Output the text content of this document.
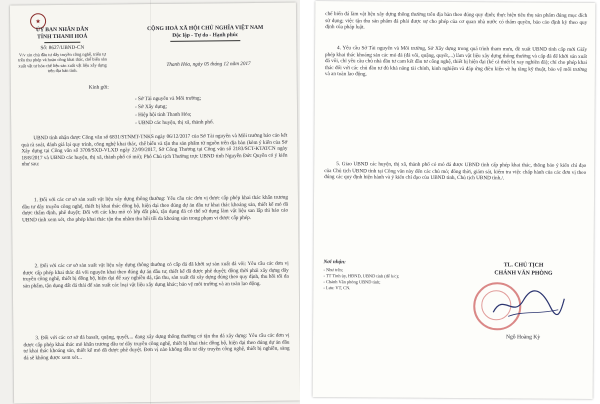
★
ỦY BAN NHÂN DÂN
TỈNH THANH HOÁ
Số: 8627/UBND-CN
V/v xin chủ đầu tư dây truyền công nghệ, triển tự trên thu phép và hoàn cồng khai thác, chế biến sản xuất vật tư hóa chế liệu sản xuất vật liệu xây dựng trên địa bàn tỉnh.
CỘNG HOÀ XÃ HỘI CHỦ NGHĨA VIỆT NAM
Độc lập - Tự do - Hạnh phúc
Thanh Hóa, ngày 05 tháng 12 năm 2017
Kính gửi:
- Sở Tài nguyên và Môi trường;
- Sở Xây dựng;
- Hiệp hội tỉnh Thanh Hóa;
- UBND các huyện, thị xã, thành phố.
UBND tỉnh nhận được Công văn số 6831/STNMT-TNKS ngày 06/12/2017 của Sở Tài nguyên và Môi trường báo cáo kết quả rà soát, đánh giá lại quy trình, công nghệ khai thác, chế biến và tận thu sản phẩm từ nguồn trên địa bàn (kèm ý kiến của Sở Xây dựng tại Công văn số 3709/SXD-VLXD ngày 22/09/2017, Sở Công Thương tại Công văn số 2183/SCT-KTATCN ngày 18/8/2017 và UBND các huyện, thị xã, thành phố có mỏ); Phó Chủ tịch Thường trực UBND tỉnh Nguyễn Đức Quyền có ý kiến như sau:
1. Đối với các cơ sở sản xuất vật liệu xây dựng thông thường: Yêu cầu các đơn vị được cấp phép khai thác khẩn trương đầu tư dây truyền công nghệ, thiết bị khai thác đồng bộ, hiện đại theo đúng dự án đầu tư khai thác khoáng sản, thiết kế mỏ đã được thẩm định, phê duyệt; Đối với các khu mỏ có lớp đất phủ, tận dụng đá có thể sử dụng làm vật liệu san lấp thì báo cáo UBND tỉnh xem xét, cho phép khai thác tận thu nhằm thu hồi tối đa khoáng sản trong phạm vi được cấp phép.
2. Đối với các cơ sở sản xuất vật liệu xây dựng thông thường có cấp đá đã khởi sự sản xuất đá vôi: Yêu cầu các đơn vị được cấp phép khai thác đá vôi nguyên khai theo đúng dự án đầu tư, thiết kế đã được phê duyệt; đồng thời phải xây dựng dây truyền công nghệ, thiết bị đồng bộ, hiện đại để xay nghiền đá, tận thu, sản xuất đá xây dựng đúng theo quy định, thu hồi tối đa sản phẩm, tận dụng đất đá thải để sản xuất các loại vật liệu xây dựng khác; bảo vệ môi trường và an toàn lao động.
3. Đối với các cơ sở đá basalt, quặng, quyết,... đang xây dựng thông thường có tận thu đá xây dựng: Yêu cầu các đơn vị được cấp phép khai thác mỏ khẩn trương đầu tư dây truyền công nghệ, thiết bị khai thác đồng bộ, hiện đại theo đúng dự án đầu tư khai thác khoáng sản, thiết kế mỏ đã được phê duyệt. Đơn vị nào không đầu tư dây truyền công nghệ, thiết bị nghiền, sàng đá sẽ không được xem xét...
chế biến đá làm vật liệu xây dựng thông thường trên địa bàn theo đúng quy định; thực hiện tiêu thụ sản phẩm đúng mục đích sử dụng; việc tận thu sản phẩm đá phải được sự cho phép của cơ quan nhà nước có thẩm quyền, báo cáo định kỳ theo quy định của pháp luật.
4. Yêu cầu Sở Tài nguyên và Môi trường, Sở Xây dựng trong quá trình tham mưu, đề xuất UBND tỉnh cấp mới Giấy phép khai thác khoáng sản các mỏ đá (đá vôi, quặng, quyết,...) làm vật liệu xây dựng thông thường và cấp đá để khởi sản xuất đá vôi, chỉ yêu cầu chủ nhà đầu tư cam kết đầu tư công nghệ, thiết bị hiện đại (kể cả thiết bị xay nghiền đá); chỉ cho phép khai thác đối với các chủ đầu tư đủ khả năng tài chính, kinh nghiệm và đáp ứng điều kiện về hạ tầng kỹ thuật, bảo vệ môi trường và an toàn lao động.
5. Giao UBND các huyện, thị xã, thành phố có mỏ đá được UBND tỉnh cấp phép khai thác, thông báo ý kiến chỉ đạo của Chủ tịch UBND tỉnh tại Công văn này đến các chủ mỏ; đồng thời, giám sát, kiểm tra việc chấp hành của các đơn vị theo đúng các quy định hiện hành và ý kiến chỉ đạo của UBND tỉnh, Chủ tịch UBND tỉnh./.
Nơi nhận:
- Như trên;
- TT Tỉnh ủy, HĐND, UBND tỉnh (để b/c);
- Chánh Văn phòng UBND tỉnh;
- Lưu: VT, CN.
TL. CHỦ TỊCH
CHÁNH VĂN PHÒNG
Ngô Hoàng Kỳ
